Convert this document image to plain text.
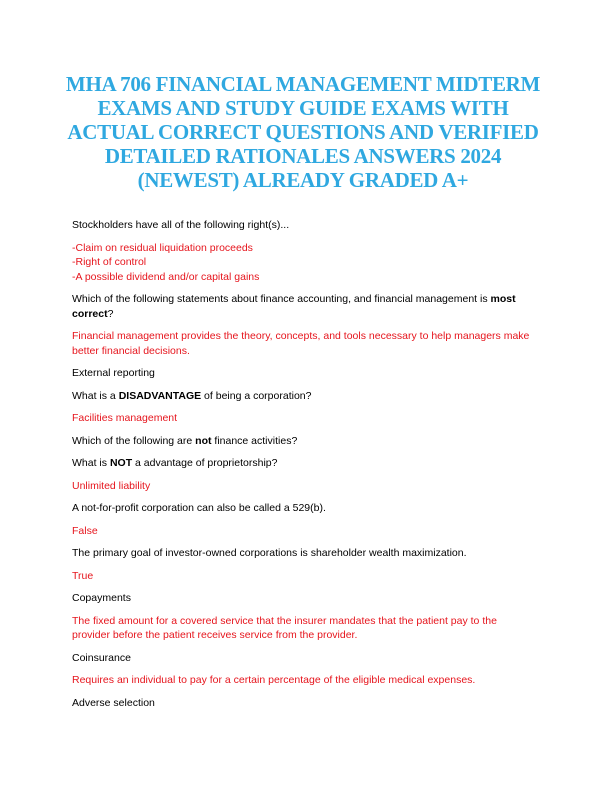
MHA 706 FINANCIAL MANAGEMENT MIDTERM EXAMS AND STUDY GUIDE EXAMS WITH ACTUAL CORRECT QUESTIONS AND VERIFIED DETAILED RATIONALES ANSWERS 2024 (NEWEST) ALREADY GRADED A+
Stockholders have all of the following right(s)...
-Claim on residual liquidation proceeds
-Right of control
-A possible dividend and/or capital gains
Which of the following statements about finance accounting, and financial management is most correct?
Financial management provides the theory, concepts, and tools necessary to help managers make better financial decisions.
External reporting
What is a DISADVANTAGE of being a corporation?
Facilities management
Which of the following are not finance activities?
What is NOT a advantage of proprietorship?
Unlimited liability
A not-for-profit corporation can also be called a 529(b).
False
The primary goal of investor-owned corporations is shareholder wealth maximization.
True
Copayments
The fixed amount for a covered service that the insurer mandates that the patient pay to the provider before the patient receives service from the provider.
Coinsurance
Requires an individual to pay for a certain percentage of the eligible medical expenses.
Adverse selection
